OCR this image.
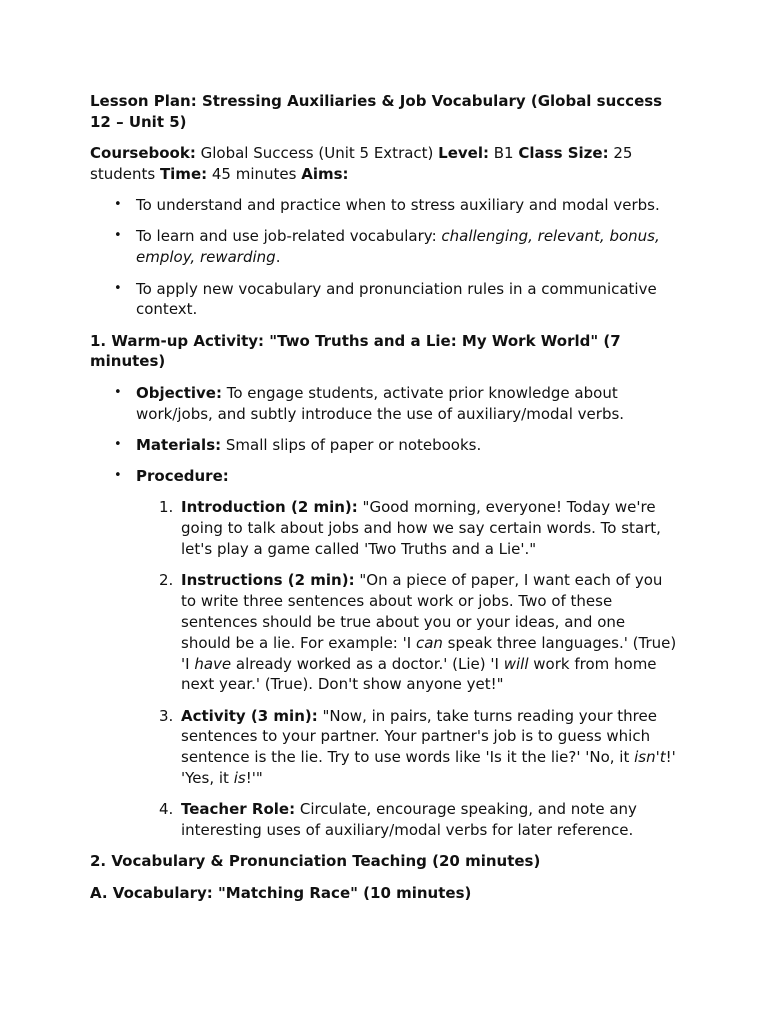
Lesson Plan: Stressing Auxiliaries & Job Vocabulary (Global success 12 – Unit 5)

Coursebook: Global Success (Unit 5 Extract) Level: B1 Class Size: 25 students Time: 45 minutes Aims:

• To understand and practice when to stress auxiliary and modal verbs.
• To learn and use job-related vocabulary: challenging, relevant, bonus, employ, rewarding.
• To apply new vocabulary and pronunciation rules in a communicative context.

1. Warm-up Activity: "Two Truths and a Lie: My Work World" (7 minutes)

• Objective: To engage students, activate prior knowledge about work/jobs, and subtly introduce the use of auxiliary/modal verbs.
• Materials: Small slips of paper or notebooks.
• Procedure:
1. Introduction (2 min): "Good morning, everyone! Today we're going to talk about jobs and how we say certain words. To start, let's play a game called 'Two Truths and a Lie'."
2. Instructions (2 min): "On a piece of paper, I want each of you to write three sentences about work or jobs. Two of these sentences should be true about you or your ideas, and one should be a lie. For example: 'I can speak three languages.' (True) 'I have already worked as a doctor.' (Lie) 'I will work from home next year.' (True). Don't show anyone yet!"
3. Activity (3 min): "Now, in pairs, take turns reading your three sentences to your partner. Your partner's job is to guess which sentence is the lie. Try to use words like 'Is it the lie?' 'No, it isn't!' 'Yes, it is!'"
4. Teacher Role: Circulate, encourage speaking, and note any interesting uses of auxiliary/modal verbs for later reference.

2. Vocabulary & Pronunciation Teaching (20 minutes)

A. Vocabulary: "Matching Race" (10 minutes)
